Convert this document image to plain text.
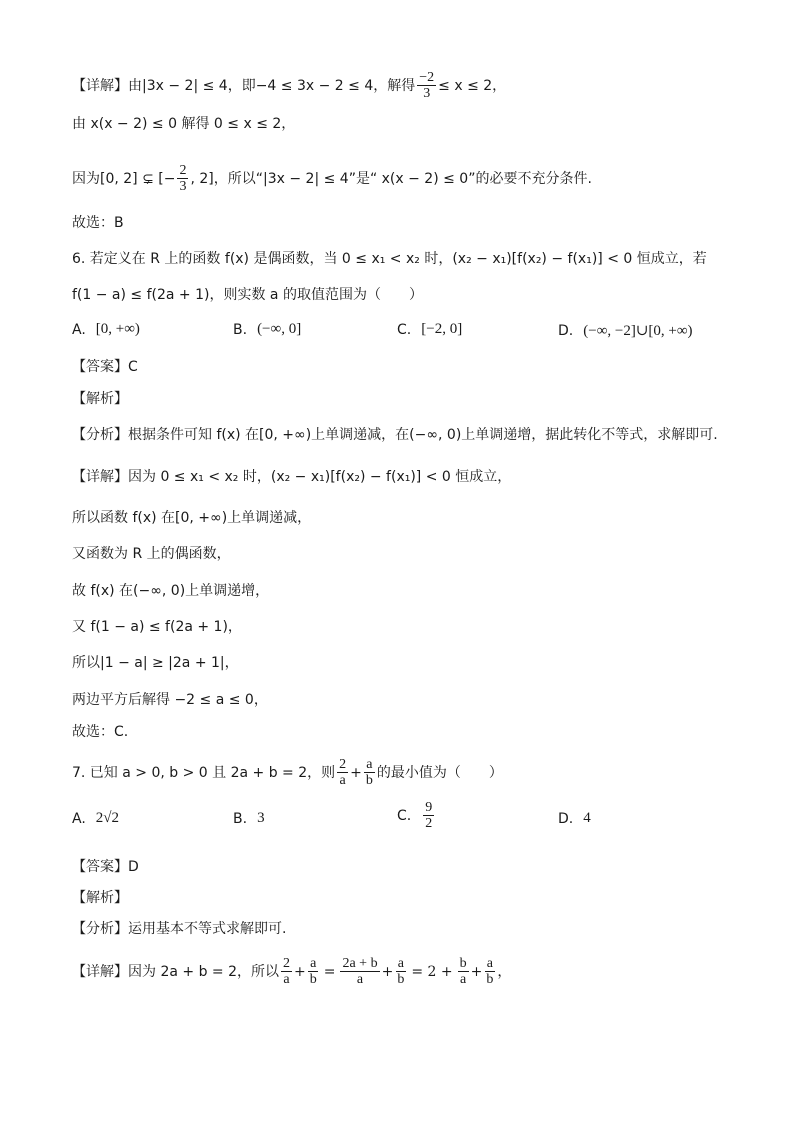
【详解】 由|3x − 2| ≤ 4，即−4 ≤ 3x − 2 ≤ 4，解得 $\frac{-2}{3} \le x \le 2$，
由 x(x − 2) ≤ 0 解得 0 ≤ x ≤ 2，
因为[0, 2] ⊊ [− $\frac{2}{3}$ , 2]，所以“|3x − 2| ≤ 4”是“ x(x − 2) ≤ 0”的必要不充分条件.
故选：B
6. 若定义在 R 上的函数 f(x) 是偶函数，当 0 ≤ x₁ < x₂ 时，(x₂ − x₁)[f(x₂) − f(x₁)] < 0 恒成立，若
f(1 − a) ≤ f(2a + 1)，则实数 a 的取值范围为（　　）
A. [0, +∞)	B. (−∞, 0]	C. [−2, 0]	D. (−∞, −2]∪[0, +∞)
【答案】C
【解析】
【分析】根据条件可知 f(x) 在[0, +∞)上单调递减，在(−∞, 0)上单调递增，据此转化不等式，求解即可.
【详解】因为 0 ≤ x₁ < x₂ 时，(x₂ − x₁)[f(x₂) − f(x₁)] < 0 恒成立，
所以函数 f(x) 在[0, +∞)上单调递减，
又函数为 R 上的偶函数，
故 f(x) 在(−∞, 0)上单调递增，
又 f(1 − a) ≤ f(2a + 1)，
所以|1 − a| ≥ |2a + 1|，
两边平方后解得 −2 ≤ a ≤ 0，
故选：C.
7. 已知 a > 0, b > 0 且 2a + b = 2，则 $\frac{2}{a} + \frac{a}{b}$ 的最小值为（　　）
A. 2√2	B. 3	C. $\frac{9}{2}$	D. 4
【答案】D
【解析】
【分析】运用基本不等式求解即可.
【详解】因为 2a + b = 2，所以 $\frac{2}{a} + \frac{a}{b} = \frac{2a + b}{a} + \frac{a}{b} = 2 + \frac{b}{a} + \frac{a}{b}$ ，
